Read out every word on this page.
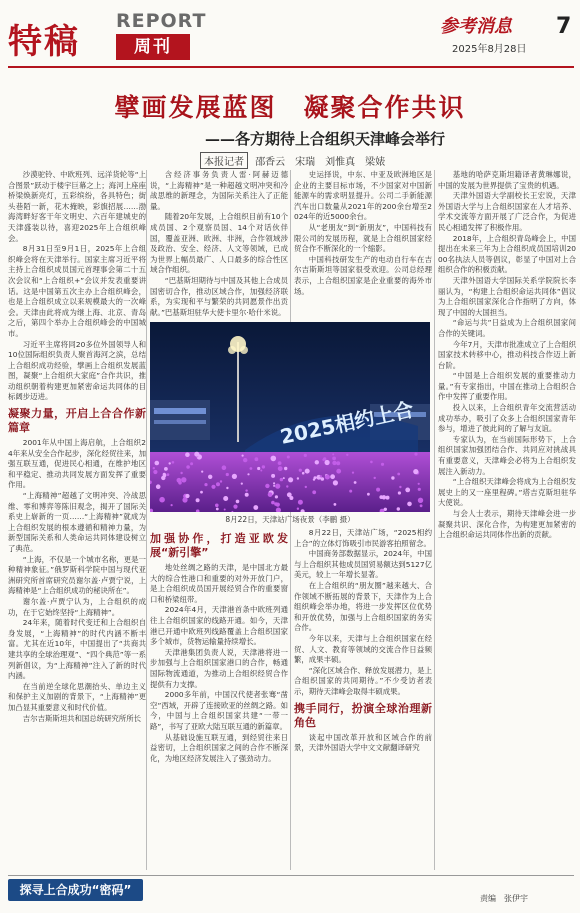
特稿
REPORT
周刊
参考消息
2025年8月28日
7
擘画发展蓝图　凝聚合作共识
——各方期待上合组织天津峰会举行
本报记者 邵香云　宋瑞　刘惟真　梁婊

沙漠驼铃、中欧班列、远洋货轮等“上合图景”跃动于楼宇巨幕之上；海河上座座桥梁焕新亮灯，五彩缤纷，各具特色；街头巷陌一新，花木掩映，彩旗招展……渤海湾畔好客干年文明史、六百年建城史的天津盛装以待，喜迎2025年上合组织峰会。

8月31日至9月1日，2025年上合组织峰会将在天津举行。国家主席习近平将主持上合组织成员国元首理事会第二十五次会议和“上合组织+”会议并发表重要讲话。这是中国第五次主办上合组织峰会，也是上合组织成立以来规模最大的一次峰会。天津由此将成为继上海、北京、青岛之后，第四个举办上合组织峰会的中国城市。

习近平主席将同20多位外国领导人和10位国际组织负责人聚首海河之滨，总结上合组织成功经验，擘画上合组织发展蓝图，凝聚“上合组织大家庭”合作共识，推动组织朝着构建更加紧密命运共同体的目标阔步迈进。

凝聚力量，开启上合合作新篇章

2001年从中国上海启航，上合组织24年来从安全合作起步，深化经贸往来，加强互联互通，促进民心相通，在维护地区和平稳定、推动共同发展方面发挥了重要作用。

“上海精神”超越了文明冲突、冷战思维、零和博弈等陈旧观念，揭开了国际关系史上崭新的一页……“上海精神”就成为上合组织发展的根本遵循和精神力量，为新型国际关系和人类命运共同体建设树立了典范。

“上海，不仅是一个城市名称，更是一种精神象征。”俄罗斯科学院中国与现代亚洲研究所首席研究员谢尔盖·卢贾宁说，上海精神是“上合组织成功的秘诀所在”。

谢尔盖·卢贾宁认为，上合组织的成功，在于它始终坚持“上海精神”。

24年来，随着时代变迁和上合组织自身发展，“上海精神”的时代内涵不断丰富。尤其在近10年，中国提出了“共商共建共享的全球治理观”、“四个典范”等一系列新倡议，为“上海精神”注入了新的时代内涵。

在当前逆全球化思潮抬头、单边主义和保护主义加剧的背景下，“上海精神”更加凸显其重要意义和时代价值。

吉尔吉斯斯坦共和国总统研究所所长

含经济事务负责人雷·阿赫迈德说，“上海精神”是一种超越文明冲突和冷战思维的新理念，为国际关系注入了正能量。

随着20年发展，上合组织目前有10个成员国、2个观察员国、14个对话伙伴国，覆盖亚洲、欧洲、非洲，合作领域涉及政治、安全、经济、人文等领域，已成为世界上幅员最广、人口最多的综合性区域合作组织。

“巴基斯坦期待与中国及其他上合成员国密切合作，推动区域合作，加强经济联系，为实现和平与繁荣的共同愿景作出贡献。”巴基斯坦驻华大使卡里尔·哈什米说。

加强协作，打造亚欧发展“新引擎”

地处丝绸之路的天津，是中国北方最大的综合性港口和重要的对外开放门户，是上合组织成员国开展经贸合作的重要窗口和桥梁纽带。

2024年4月，天津港首条中欧班列通往上合组织国家的线路开通。如今，天津港已开通中欧班列线路覆盖上合组织国家多个城市，货物运输量持续增长。

天津港集团负责人说，天津港将进一步加强与上合组织国家港口的合作，畅通国际物流通道，为推动上合组织经贸合作提供有力支撑。

2000多年前，中国汉代使者张骞“凿空”西域，开辟了连接欧亚的丝绸之路。如今，中国与上合组织国家共建“一带一路”，书写了亚欧大陆互联互通的新篇章。

从基础设施互联互通，到经贸往来日益密切，上合组织国家之间的合作不断深化，为地区经济发展注入了强劲动力。

史运择说，中东、中亚及欧洲地区是企业的主要目标市场，不少国家对中国新能源车的需求明显提升。公司二手新能源汽车出口数量从2021年的200余台增至2024年的近5000余台。

从“老朋友”到“新朋友”，中国科技有限公司的发展历程，就是上合组织国家经贸合作不断深化的一个缩影。

中国科技研发生产的电动自行车在吉尔吉斯斯坦等国家很受欢迎。公司总经理表示，上合组织国家是企业重要的海外市场。

8月22日，天津站广场，“2025相约上合”的立体灯饰吸引市民游客拍照留念。

中国商务部数据显示，2024年，中国与上合组织其他成员国贸易额达到5127亿美元，较上一年增长显著。

在上合组织的“朋友圈”越来越大、合作领域不断拓展的背景下，天津作为上合组织峰会举办地，将进一步发挥区位优势和开放优势，加强与上合组织国家的务实合作。

今年以来，天津与上合组织国家在经贸、人文、教育等领域的交流合作日益频繁，成果丰硕。

“深化区域合作、释放发展潜力，是上合组织国家的共同期待。”不少受访者表示，期待天津峰会取得丰硕成果。

携手同行，扮演全球治理新角色

谈起中国改革开放和区域合作的前景，天津外国语大学中文文献翻译研究

基地的哈萨克斯坦籍译者黄琳娜说，中国的发展为世界提供了宝贵的机遇。

天津外国语大学副校长王宏说，天津外国语大学与上合组织国家在人才培养、学术交流等方面开展了广泛合作，为促进民心相通发挥了积极作用。

2018年，上合组织青岛峰会上，中国提出在未来三年为上合组织成员国培训2000名执法人员等倡议，彰显了中国对上合组织合作的积极贡献。

天津外国语大学国际关系学院院长李丽认为，“构建上合组织命运共同体”倡议为上合组织国家深化合作指明了方向，体现了中国的大国担当。

“命运与共”日益成为上合组织国家间合作的关键词。

今年7月，天津市批准成立了上合组织国家技术转移中心，推动科技合作迈上新台阶。

“中国是上合组织发展的重要推动力量。”有专家指出，中国在推动上合组织合作中发挥了重要作用。

投入以来，上合组织青年交流营活动成功举办，吸引了众多上合组织国家青年参与，增进了彼此间的了解与友谊。

专家认为，在当前国际形势下，上合组织国家加强团结合作、共同应对挑战具有重要意义，天津峰会必将为上合组织发展注入新动力。

“上合组织天津峰会将成为上合组织发展史上的又一座里程碑。”塔吉克斯坦驻华大使说。

与会人士表示，期待天津峰会进一步凝聚共识、深化合作，为构建更加紧密的上合组织命运共同体作出新的贡献。

2025相约上合
8月22日，天津站广场夜景（李鹏 摄）
探寻上合成功“密码”
责编　张伊宇
